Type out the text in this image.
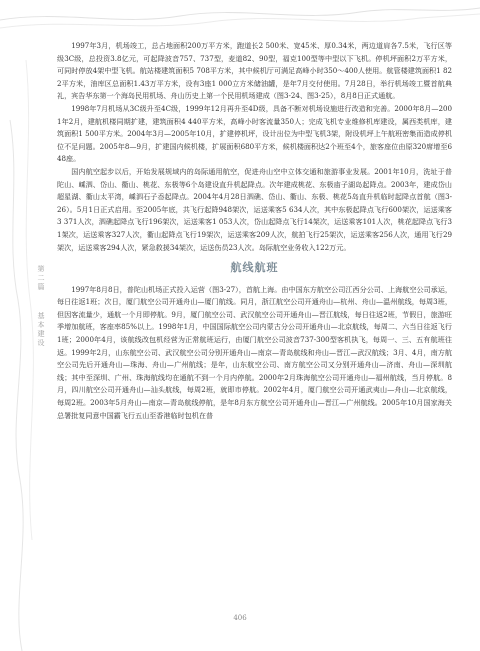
第二篇
基本建设

1997年3月，机场竣工，总占地面积200万平方米，跑道长2 500米、宽45米、厚0.34米，两边道肩各7.5米，飞行区等级3C级，总投资3.8亿元，可起降波音757、737型，麦道82、90型，福克100型等中型以下飞机。停机坪面积2万平方米，可同时停放4架中型飞机。航站楼建筑面积5 708平方米，其中候机厅可满足高峰小时350～400人使用。航管楼建筑面积1 822平方米，油库区总面积1.43万平方米，设有3座1 000立方米储油罐，是年7月交付使用。7月28日，举行机场竣工暨首航典礼，宾告华东第一个海岛民用机场、舟山历史上第一个民用机场建成（图3-24、图3-25），8月8日正式通航。

1998年7月机场从3C级升至4C级，1999年12月再升至4D级，具备不断对机场设施进行改造和完善。2000年8月—2001年2月，建航机楼同期扩建，建筑面积4 440平方米，高峰小时客流量350人；完成飞机专业维修机库建设，属西类机库，建筑面积1 500平方米。2004年3月—2005年10月，扩建停机坪，设计出位为中型飞机3架，附设机坪上午航班密集而造成停机位不足问题。2005年8—9月，扩建国内候机楼，扩展面积680平方米，候机楼面积达2个班至4个，旅客座位由原320席增至648座。

国内航空起步以后，开始发展规域内的岛际通用航空，促进舟山空中立体交通和旅游事业发展。2001年10月，洗址于普陀山、嵊泗、岱山、衢山、桃花、东极等6个岛建设直升机起降点。次年建成桃花、东极庙子湖岛起降点。2003年，建成岱山超星湖、衢山太平湾，嵊泗石子岙起降点。2004年4月28日泗礁、岱山、衢山、东极、桃花5岛直升机临时起降点首航（图3-26）。5月1日正式启用。至2005年底，共飞行起降948架次，运送乘客5 634人次，其中东极起降点飞行600架次，运送乘客3 371人次，泗礁起降点飞行196架次，运送乘客1 053人次，岱山起降点飞行14架次，运送乘客101人次，桃花起降点飞行31架次，运送乘客327人次，衢山起降点飞行19架次，运送乘客209人次，航拍飞行25架次，运送乘客256人次，通用飞行29架次，运送乘客294人次，紧急救援34架次，运送伤员23人次。岛际航空业务收入122万元。

航线航班

1997年8月8日，普陀山机场正式投入运营（图3-27），首航上海。由中国东方航空公司江西分公司、上海航空公司承运，每日往返1班；次日，厦门航空公司开通舟山—厦门航线。同月，浙江航空公司开通舟山—杭州、舟山—温州航线，每周3班，但因客流量少，通航一个月即停航。9月，厦门航空公司、武汉航空公司开通舟山—晋江航线，每日往返2班，节假日，旅游旺季增加航班，客座率85%以上。1998年1月，中国国际航空公司内蒙古分公司开通舟山—北京航线，每周二、六当日往返飞行1班；2000年4月，该航线改包机经营为正常航班运行，由厦门航空公司波音737-300型客机执飞，每周一、三、五有航班往返。1999年2月，山东航空公司、武汉航空公司分别开通舟山—南京—青岛航线和舟山—晋江—武汉航线；3月、4月，南方航空公司先后开通舟山—珠海、舟山—广州航线；是年，山东航空公司、南方航空公司又分别开通舟山—济南、舟山—深圳航线；其中至深圳、广州、珠海航线均在通航不到一个月内停航。2000年2月珠海航空公司开通舟山—福州航线，当月停航。8月，四川航空公司开通舟山—汕头航线，每周2班，就即市停航。2002年4月，厦门航空公司开通武夷山—舟山—北京航线，每周2班。2003年5月舟山—南京—青岛航线停航，是年8月东方航空公司开通舟山—晋江—广州航线。2005年10月国家海关总署批复同意中国霸飞行五山至香港临时包机在普

406
